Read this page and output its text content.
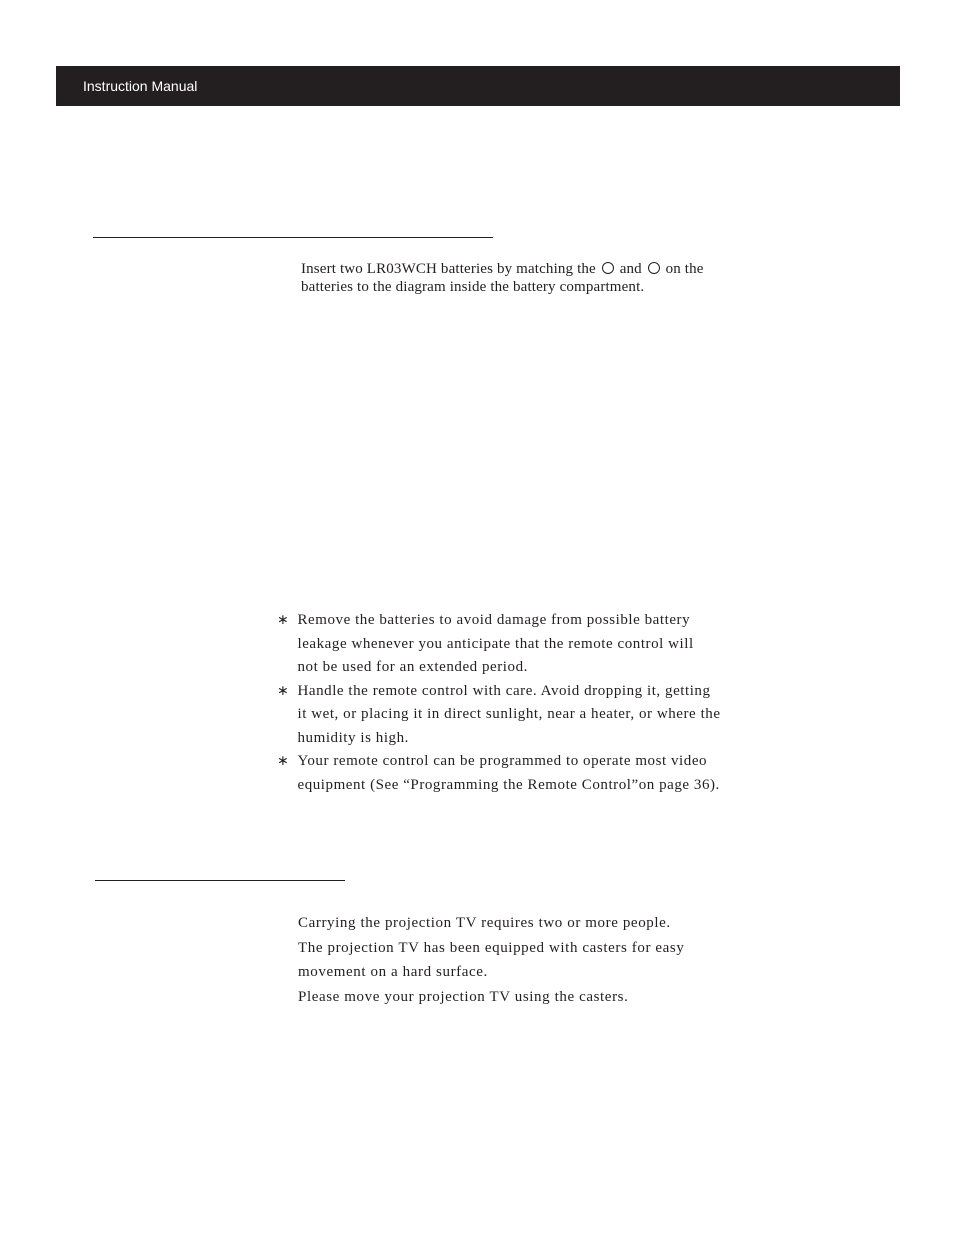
Instruction Manual
Insert two LR03WCH batteries by matching the and on the
batteries to the diagram inside the battery compartment.
∗ Remove the batteries to avoid damage from possible battery
leakage whenever you anticipate that the remote control will
not be used for an extended period.
∗ Handle the remote control with care. Avoid dropping it, getting
it wet, or placing it in direct sunlight, near a heater, or where the
humidity is high.
∗ Your remote control can be programmed to operate most video
equipment (See “Programming the Remote Control”on page 36).
Carrying the projection TV requires two or more people.
The projection TV has been equipped with casters for easy
movement on a hard surface.
Please move your projection TV using the casters.
